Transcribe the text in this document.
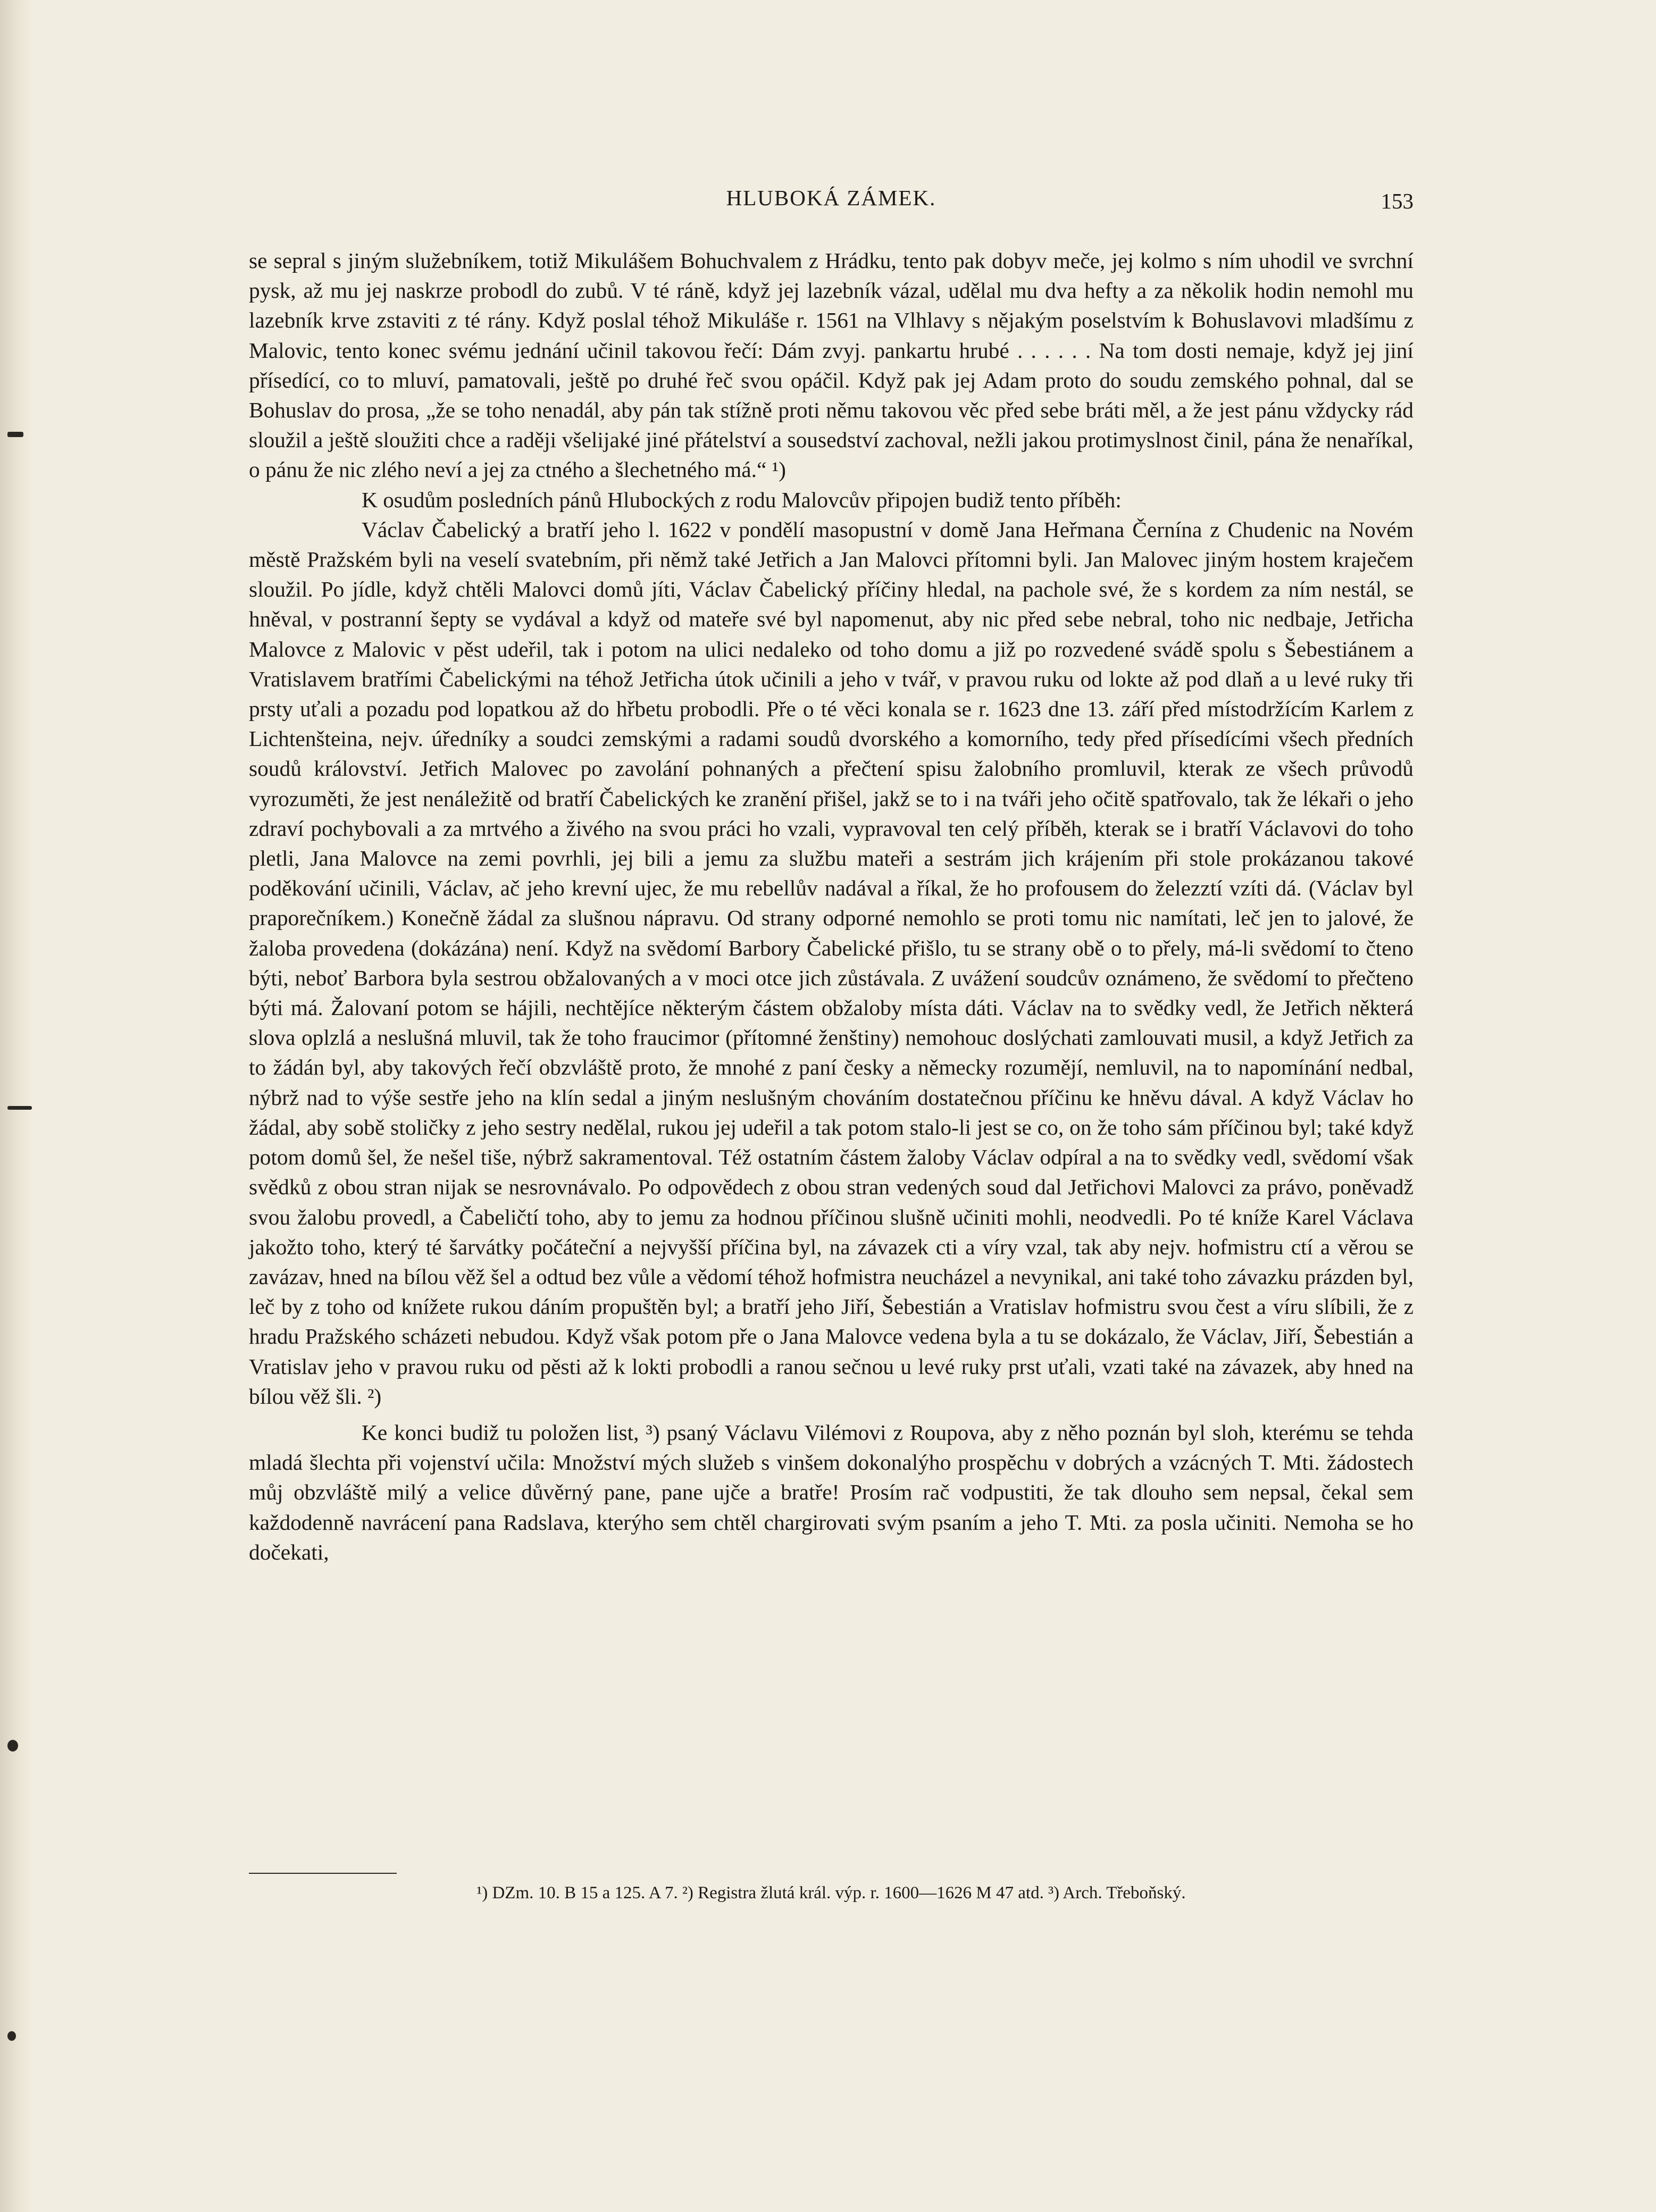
HLUBOKÁ ZÁMEK.	153

se sepral s jiným služebníkem, totiž Mikulášem Bohuchvalem z Hrádku, tento pak dobyv meče, jej kolmo s ním uhodil ve svrchní pysk, až mu jej naskrze probodl do zubů. V té ráně, když jej lazebník vázal, udělal mu dva hefty a za několik hodin nemohl mu lazebník krve zstaviti z té rány. Když poslal téhož Mikuláše r. 1561 na Vlhlavy s nějakým poselstvím k Bohuslavovi mladšímu z Malovic, tento konec svému jednání učinil takovou řečí: Dám zvyj. pankartu hrubé . . . . . . Na tom dosti nemaje, když jej jiní přísedící, co to mluví, pamatovali, ještě po druhé řeč svou opáčil. Když pak jej Adam proto do soudu zemského pohnal, dal se Bohuslav do prosa, „že se toho nenadál, aby pán tak stížně proti němu takovou věc před sebe bráti měl, a že jest pánu vždycky rád sloužil a ještě sloužiti chce a raději všelijaké jiné přátelství a sousedství zachoval, nežli jakou protimyslnost činil, pána že nenaříkal, o pánu že nic zlého neví a jej za ctného a šlechetného má.“ ¹)

K osudům posledních pánů Hlubockých z rodu Malovcův připojen budiž tento příběh:

Václav Čabelický a bratří jeho l. 1622 v pondělí masopustní v domě Jana Heřmana Černína z Chudenic na Novém městě Pražském byli na veselí svatebním, při němž také Jetřich a Jan Malovci přítomni byli. Jan Malovec jiným hostem kraječem sloužil. Po jídle, když chtěli Malovci domů jíti, Václav Čabelický příčiny hledal, na pachole své, že s kordem za ním nestál, se hněval, v postranní šepty se vydával a když od mateře své byl napomenut, aby nic před sebe nebral, toho nic nedbaje, Jetřicha Malovce z Malovic v pěst udeřil, tak i potom na ulici nedaleko od toho domu a již po rozvedené svádě spolu s Šebestiánem a Vratislavem bratřími Čabelickými na téhož Jetřicha útok učinili a jeho v tvář, v pravou ruku od lokte až pod dlaň a u levé ruky tři prsty uťali a pozadu pod lopatkou až do hřbetu probodli. Pře o té věci konala se r. 1623 dne 13. září před místodržícím Karlem z Lichtenšteina, nejv. úředníky a soudci zemskými a radami soudů dvorského a komorního, tedy před přísedícími všech předních soudů království. Jetřich Malovec po zavolání pohnaných a přečtení spisu žalobního promluvil, kterak ze všech průvodů vyrozuměti, že jest nenáležitě od bratří Čabelických ke zranění přišel, jakž se to i na tváři jeho očitě spatřovalo, tak že lékaři o jeho zdraví pochybovali a za mrtvého a živého na svou práci ho vzali, vypravoval ten celý příběh, kterak se i bratří Václavovi do toho pletli, Jana Malovce na zemi povrhli, jej bili a jemu za službu mateři a sestrám jich krájením při stole prokázanou takové poděkování učinili, Václav, ač jeho krevní ujec, že mu rebellův nadával a říkal, že ho profousem do železztí vzíti dá. (Václav byl praporečníkem.) Konečně žádal za slušnou nápravu. Od strany odporné nemohlo se proti tomu nic namítati, leč jen to jalové, že žaloba provedena (dokázána) není. Když na svědomí Barbory Čabelické přišlo, tu se strany obě o to přely, má-li svědomí to čteno býti, neboť Barbora byla sestrou obžalovaných a v moci otce jich zůstávala. Z uvážení soudcův oznámeno, že svědomí to přečteno býti má. Žalovaní potom se hájili, nechtějíce některým částem obžaloby místa dáti. Václav na to svědky vedl, že Jetřich některá slova oplzlá a neslušná mluvil, tak že toho fraucimor (přítomné ženštiny) nemohouc doslýchati zamlouvati musil, a když Jetřich za to žádán byl, aby takových řečí obzvláště proto, že mnohé z paní česky a německy rozumějí, nemluvil, na to napomínání nedbal, nýbrž nad to výše sestře jeho na klín sedal a jiným neslušným chováním dostatečnou příčinu ke hněvu dával. A když Václav ho žádal, aby sobě stoličky z jeho sestry nedělal, rukou jej udeřil a tak potom stalo-li jest se co, on že toho sám příčinou byl; také když potom domů šel, že nešel tiše, nýbrž sakramentoval. Též ostatním částem žaloby Václav odpíral a na to svědky vedl, svědomí však svědků z obou stran nijak se nesrovnávalo. Po odpovědech z obou stran vedených soud dal Jetřichovi Malovci za právo, poněvadž svou žalobu provedl, a Čabeličtí toho, aby to jemu za hodnou příčinou slušně učiniti mohli, neodvedli. Po té kníže Karel Václava jakožto toho, který té šarvátky počáteční a nejvyšší příčina byl, na závazek cti a víry vzal, tak aby nejv. hofmistru ctí a věrou se zavázav, hned na bílou věž šel a odtud bez vůle a vědomí téhož hofmistra neucházel a nevynikal, ani také toho závazku prázden byl, leč by z toho od knížete rukou dáním propuštěn byl; a bratří jeho Jiří, Šebestián a Vratislav hofmistru svou čest a víru slíbili, že z hradu Pražského scházeti nebudou. Když však potom pře o Jana Malovce vedena byla a tu se dokázalo, že Václav, Jiří, Šebestián a Vratislav jeho v pravou ruku od pěsti až k lokti probodli a ranou sečnou u levé ruky prst uťali, vzati také na závazek, aby hned na bílou věž šli. ²)

Ke konci budiž tu položen list, ³) psaný Václavu Vilémovi z Roupova, aby z něho poznán byl sloh, kterému se tehda mladá šlechta při vojenství učila: Množství mých služeb s vinšem dokonalýho prospěchu v dobrých a vzácných T. Mti. žádostech můj obzvláště milý a velice důvěrný pane, pane ujče a bratře! Prosím rač vodpustiti, že tak dlouho sem nepsal, čekal sem každodenně navrácení pana Radslava, kterýho sem chtěl chargirovati svým psaním a jeho T. Mti. za posla učiniti. Nemoha se ho dočekati,

¹) DZm. 10. B 15 a 125. A 7. ²) Registra žlutá král. výp. r. 1600—1626 M 47 atd. ³) Arch. Třeboňský.
